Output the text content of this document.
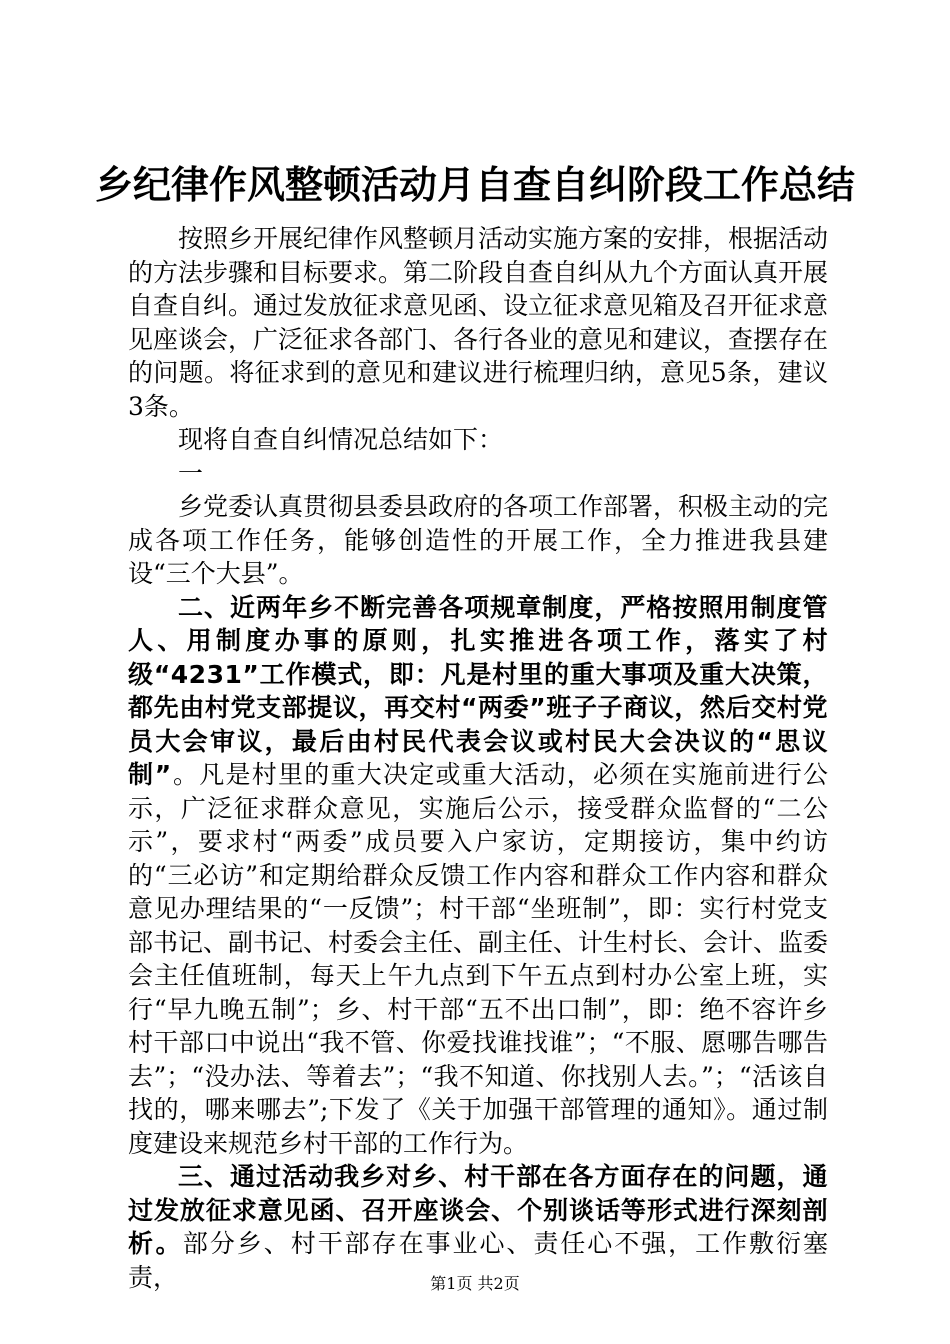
乡纪律作风整顿活动月自查自纠阶段工作总结

按照乡开展纪律作风整顿月活动实施方案的安排，根据活动的方法步骤和目标要求。第二阶段自查自纠从九个方面认真开展自查自纠。通过发放征求意见函、设立征求意见箱及召开征求意见座谈会，广泛征求各部门、各行各业的意见和建议，查摆存在的问题。将征求到的意见和建议进行梳理归纳，意见5条，建议3条。

现将自查自纠情况总结如下：

一

乡党委认真贯彻县委县政府的各项工作部署，积极主动的完成各项工作任务，能够创造性的开展工作，全力推进我县建设“三个大县”。

二、近两年乡不断完善各项规章制度，严格按照用制度管人、用制度办事的原则，扎实推进各项工作，落实了村级“4231”工作模式，即：凡是村里的重大事项及重大决策，都先由村党支部提议，再交村“两委”班子子商议，然后交村党员大会审议，最后由村民代表会议或村民大会决议的“思议制”。凡是村里的重大决定或重大活动，必须在实施前进行公示，广泛征求群众意见，实施后公示，接受群众监督的“二公示”，要求村“两委”成员要入户家访，定期接访，集中约访的“三必访”和定期给群众反馈工作内容和群众工作内容和群众意见办理结果的“一反馈”；村干部“坐班制”，即：实行村党支部书记、副书记、村委会主任、副主任、计生村长、会计、监委会主任值班制，每天上午九点到下午五点到村办公室上班，实行“早九晚五制”；乡、村干部“五不出口制”，即：绝不容许乡村干部口中说出“我不管、你爱找谁找谁”；“不服、愿哪告哪告去”；“没办法、等着去”；“我不知道、你找别人去。”；“活该自找的，哪来哪去”;下发了《关于加强干部管理的通知》。通过制度建设来规范乡村干部的工作行为。

三、通过活动我乡对乡、村干部在各方面存在的问题，通过发放征求意见函、召开座谈会、个别谈话等形式进行深刻剖析。部分乡、村干部存在事业心、责任心不强，工作敷衍塞责，	第1页 共2页
